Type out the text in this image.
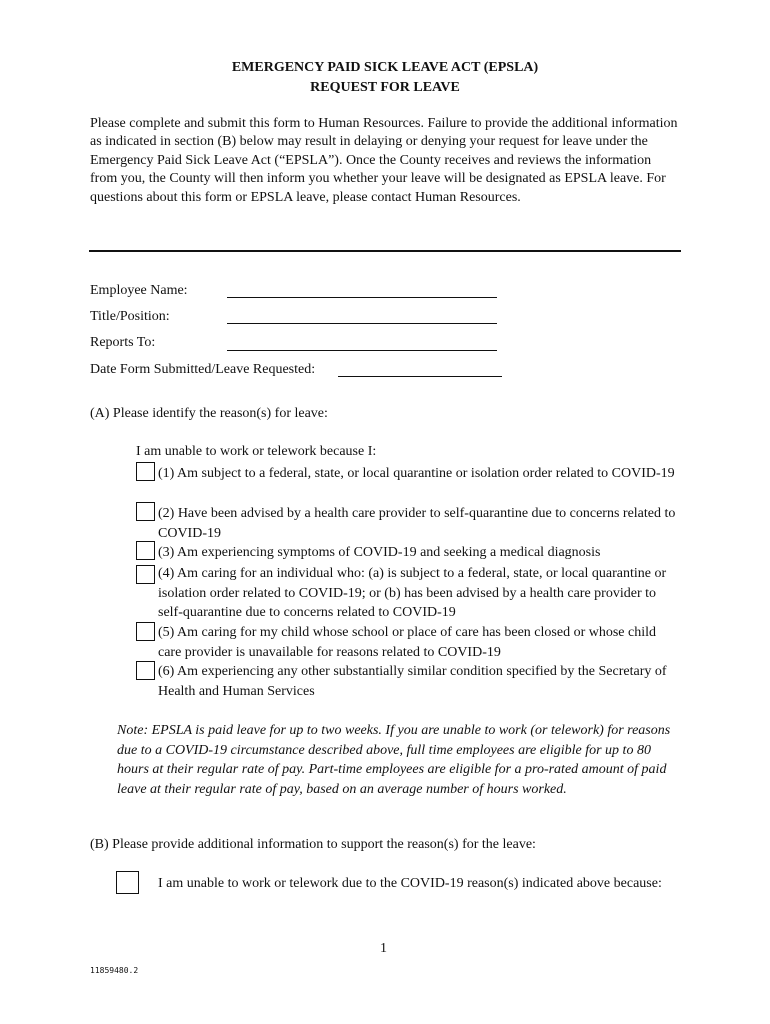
EMERGENCY PAID SICK LEAVE ACT (EPSLA)
REQUEST FOR LEAVE
Please complete and submit this form to Human Resources. Failure to provide the additional information as indicated in section (B) below may result in delaying or denying your request for leave under the Emergency Paid Sick Leave Act (“EPSLA”). Once the County receives and reviews the information from you, the County will then inform you whether your leave will be designated as EPSLA leave. For questions about this form or EPSLA leave, please contact Human Resources.
Employee Name:
Title/Position:
Reports To:
Date Form Submitted/Leave Requested:
(A) Please identify the reason(s) for leave:
I am unable to work or telework because I:
(1) Am subject to a federal, state, or local quarantine or isolation order related to COVID-19
(2) Have been advised by a health care provider to self-quarantine due to concerns related to COVID-19
(3) Am experiencing symptoms of COVID-19 and seeking a medical diagnosis
(4) Am caring for an individual who: (a) is subject to a federal, state, or local quarantine or isolation order related to COVID-19; or (b) has been advised by a health care provider to self-quarantine due to concerns related to COVID-19
(5) Am caring for my child whose school or place of care has been closed or whose child care provider is unavailable for reasons related to COVID-19
(6) Am experiencing any other substantially similar condition specified by the Secretary of Health and Human Services
Note: EPSLA is paid leave for up to two weeks. If you are unable to work (or telework) for reasons due to a COVID-19 circumstance described above, full time employees are eligible for up to 80 hours at their regular rate of pay. Part-time employees are eligible for a pro-rated amount of paid leave at their regular rate of pay, based on an average number of hours worked.
(B) Please provide additional information to support the reason(s) for the leave:
I am unable to work or telework due to the COVID-19 reason(s) indicated above because:
1
11859480.2
